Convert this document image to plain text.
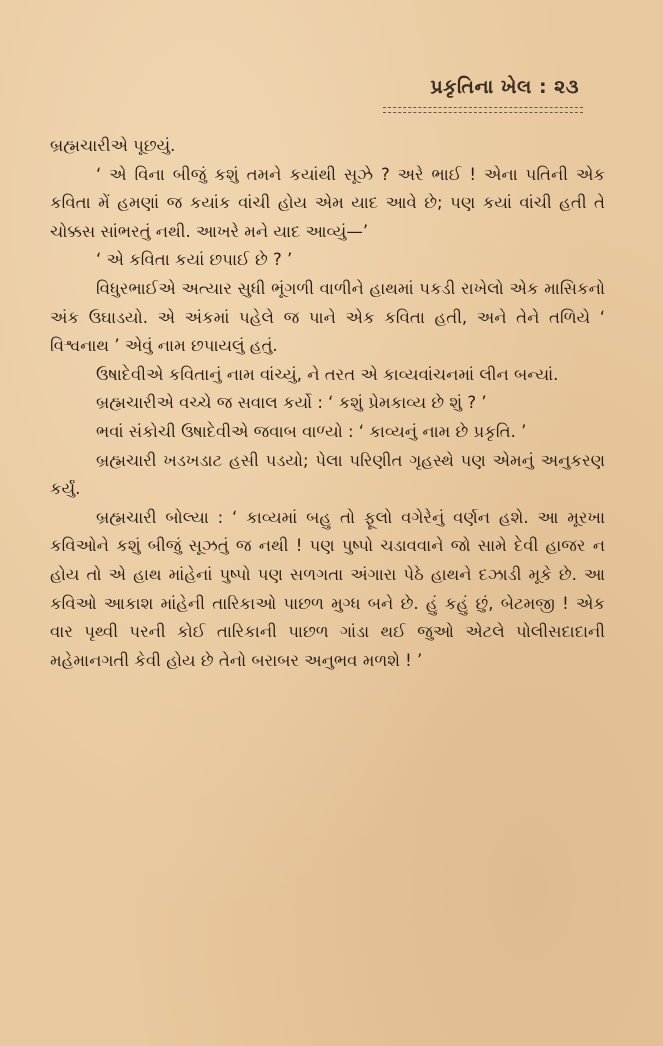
પ્રકૃતિના ખેલ : ૨૩

બ્રહ્મચારીએ પૂછયું.

‘ એ વિના બીજું કશું તમને કયાંથી સૂઝે ? અરે ભાઈ ! એના પતિની એક કવિતા મેં હમણાં જ કયાંક વાંચી હોય એમ યાદ આવે છે; પણ કયાં વાંચી હતી તે ચોક્કસ સાંભરતું નથી. આખરે મને યાદ આવ્યું—’

‘ એ કવિતા કયાં છપાઈ છે ? ’

વિધુરભાઈએ અત્યાર સુધી ભૂંગળી વાળીને હાથમાં પકડી રાખેલો એક માસિકનો અંક ઉઘાડયો. એ અંકમાં પહેલે જ પાને એક કવિતા હતી, અને તેને તળિયે ‘ વિશ્વનાથ ’ એવું નામ છપાયલું હતું.

ઉષાદેવીએ કવિતાનું નામ વાંચ્યું, ને તરત એ કાવ્યવાંચનમાં લીન બન્યાં.

બ્રહ્મચારીએ વચ્ચે જ સવાલ કર્યો : ‘ કશું પ્રેમકાવ્ય છે શું ? ’

ભવાં સંકોચી ઉષાદેવીએ જવાબ વાળ્યો : ‘ કાવ્યનું નામ છે પ્રકૃતિ. ’

બ્રહ્મચારી ખડખડાટ હસી પડયો; પેલા પરિણીત ગૃહસ્થે પણ એમનું અનુકરણ કર્યું.

બ્રહ્મચારી બોલ્યા : ‘ કાવ્યમાં બહુ તો ફૂલો વગેરેનું વર્ણન હશે. આ મૂરખા કવિઓને કશું બીજું સૂઝતું જ નથી ! પણ પુષ્પો ચડાવવાને જો સામે દેવી હાજર ન હોય તો એ હાથ માંહેનાં પુષ્પો પણ સળગતા અંગારા પેઠે હાથને દઝાડી મૂકે છે. આ કવિઓ આકાશ માંહેની તારિકાઓ પાછળ મુગ્ધ બને છે. હું કહું છું, બેટમજી ! એક વાર પૃથ્વી પરની કોઈ તારિકાની પાછળ ગાંડા થઈ જુઓ એટલે પોલીસદાદાની મહેમાનગતી કેવી હોય છે તેનો બરાબર અનુભવ મળશે ! ’
